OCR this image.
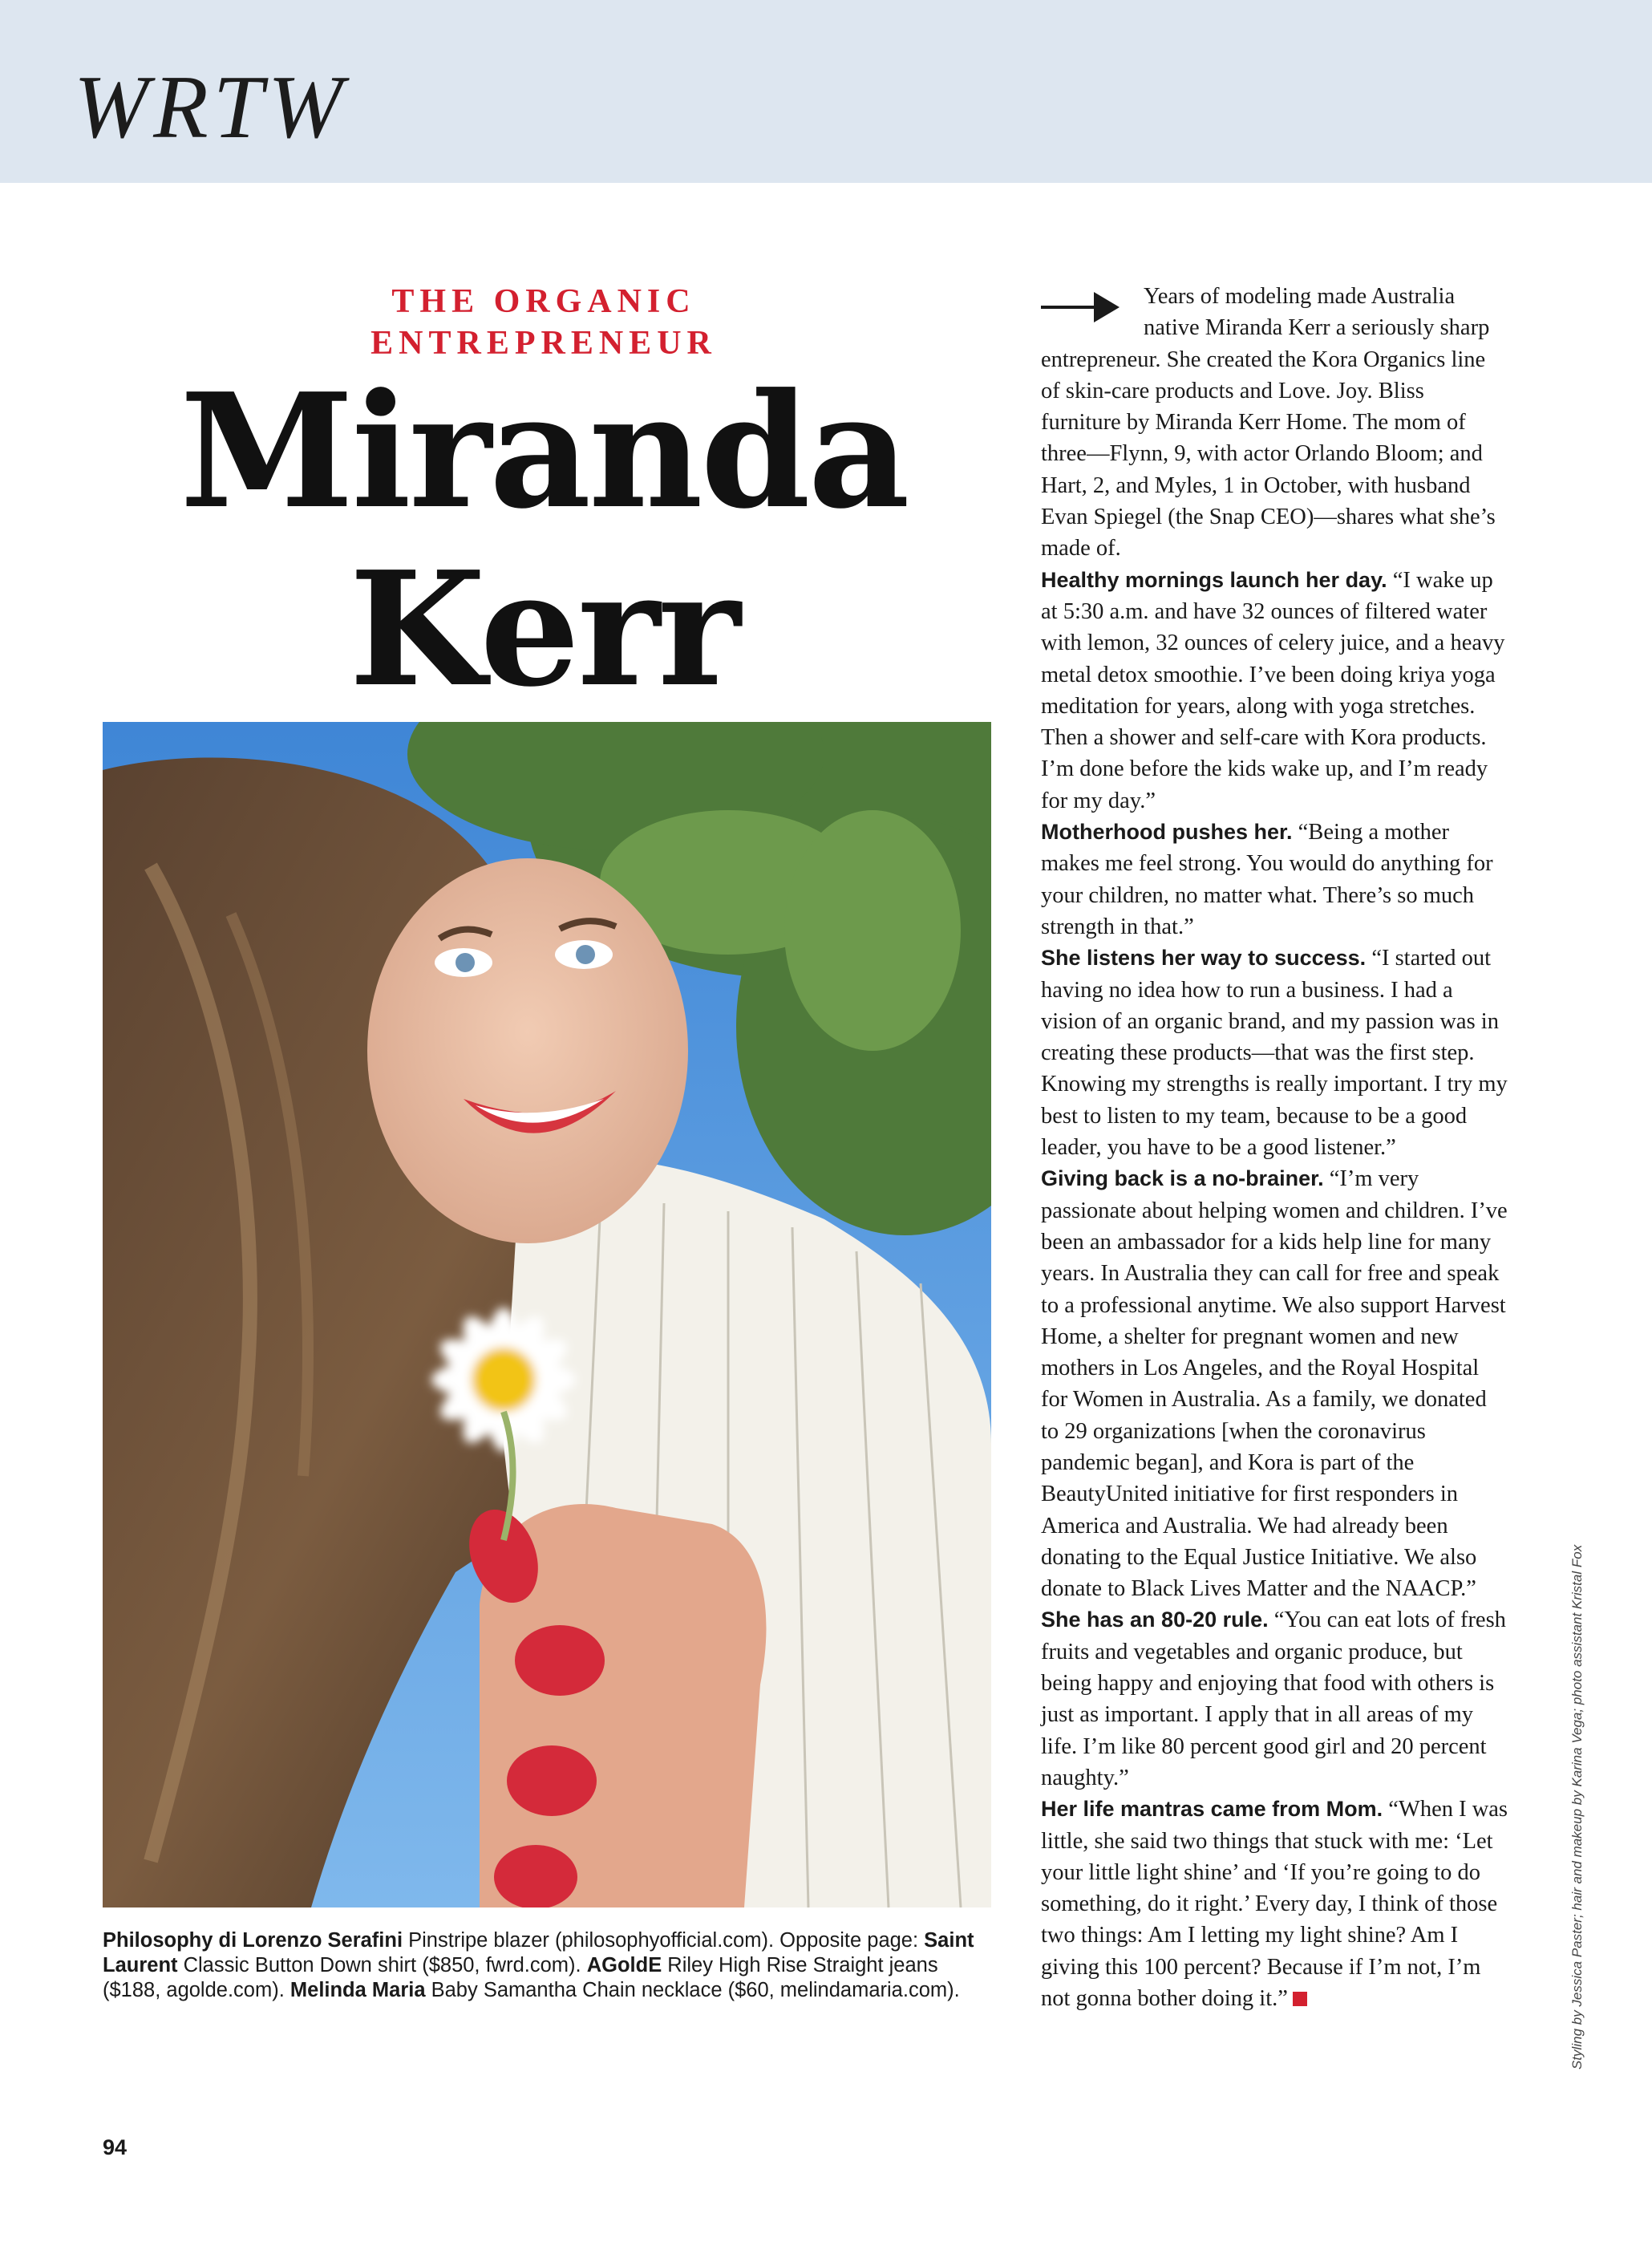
WRTW
THE ORGANIC
ENTREPRENEUR
Miranda
Kerr
Philosophy di Lorenzo Serafini Pinstripe blazer (philosophyofficial.com). Opposite page: Saint Laurent Classic Button Down shirt ($850, fwrd.com). AGoldE Riley High Rise Straight jeans ($188, agolde.com). Melinda Maria Baby Samantha Chain necklace ($60, melindamaria.com).
94

Years of modeling made Australia native Miranda Kerr a seriously sharp entrepreneur. She created the Kora Organics line of skin-care products and Love. Joy. Bliss furniture by Miranda Kerr Home. The mom of three—Flynn, 9, with actor Orlando Bloom; and Hart, 2, and Myles, 1 in October, with husband Evan Spiegel (the Snap CEO)—shares what she’s made of.

Healthy mornings launch her day. “I wake up at 5:30 a.m. and have 32 ounces of filtered water with lemon, 32 ounces of celery juice, and a heavy metal detox smoothie. I’ve been doing kriya yoga meditation for years, along with yoga stretches. Then a shower and self-care with Kora products. I’m done before the kids wake up, and I’m ready for my day.”

Motherhood pushes her. “Being a mother makes me feel strong. You would do anything for your children, no matter what. There’s so much strength in that.”

She listens her way to success. “I started out having no idea how to run a business. I had a vision of an organic brand, and my passion was in creating these products—that was the first step. Knowing my strengths is really important. I try my best to listen to my team, because to be a good leader, you have to be a good listener.”

Giving back is a no-brainer. “I’m very passionate about helping women and children. I’ve been an ambassador for a kids help line for many years. In Australia they can call for free and speak to a professional anytime. We also support Harvest Home, a shelter for pregnant women and new mothers in Los Angeles, and the Royal Hospital for Women in Australia. As a family, we donated to 29 organizations [when the coronavirus pandemic began], and Kora is part of the BeautyUnited initiative for first responders in America and Australia. We had already been donating to the Equal Justice Initiative. We also donate to Black Lives Matter and the NAACP.”

She has an 80-20 rule. “You can eat lots of fresh fruits and vegetables and organic produce, but being happy and enjoying that food with others is just as important. I apply that in all areas of my life. I’m like 80 percent good girl and 20 percent naughty.”

Her life mantras came from Mom. “When I was little, she said two things that stuck with me: ‘Let your little light shine’ and ‘If you’re going to do something, do it right.’ Every day, I think of those two things: Am I letting my light shine? Am I giving this 100 percent? Because if I’m not, I’m not gonna bother doing it.”	Styling by Jessica Paster; hair and makeup by Karina Vega; photo assistant Kristal Fox
